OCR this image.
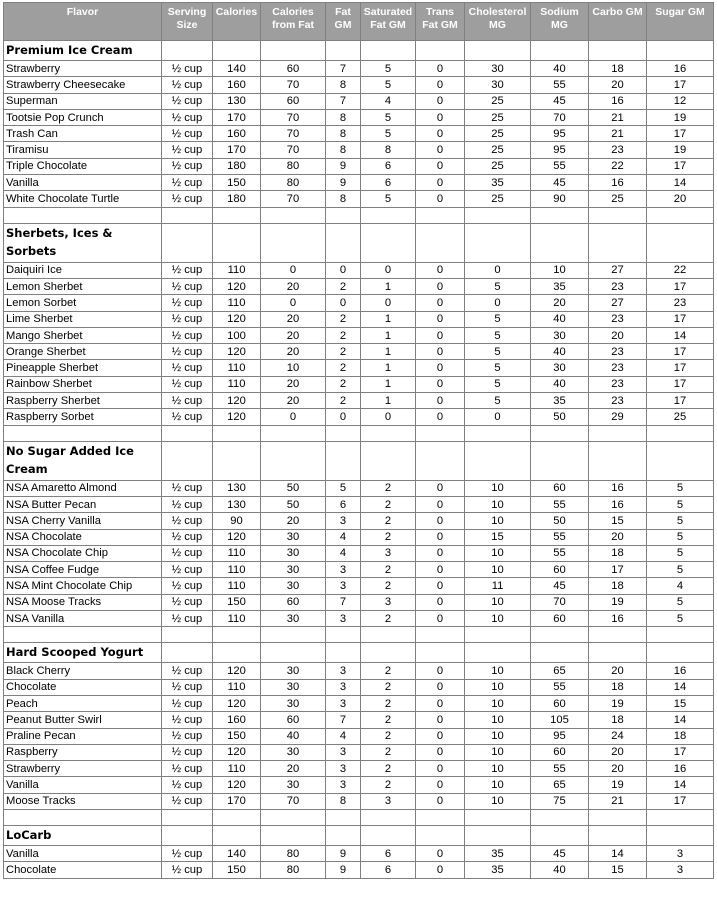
Flavor	Serving Size	Calories	Calories from Fat	Fat GM	Saturated Fat GM	Trans Fat GM	Cholesterol MG	Sodium MG	Carbo GM	Sugar GM
Premium Ice Cream										
Strawberry	½ cup	140	60	7	5	0	30	40	18	16
Strawberry Cheesecake	½ cup	160	70	8	5	0	30	55	20	17
Superman	½ cup	130	60	7	4	0	25	45	16	12
Tootsie Pop Crunch	½ cup	170	70	8	5	0	25	70	21	19
Trash Can	½ cup	160	70	8	5	0	25	95	21	17
Tiramisu	½ cup	170	70	8	8	0	25	95	23	19
Triple Chocolate	½ cup	180	80	9	6	0	25	55	22	17
Vanilla	½ cup	150	80	9	6	0	35	45	16	14
White Chocolate Turtle	½ cup	180	70	8	5	0	25	90	25	20

Sherbets, Ices & Sorbets										
Daiquiri Ice	½ cup	110	0	0	0	0	0	10	27	22
Lemon Sherbet	½ cup	120	20	2	1	0	5	35	23	17
Lemon Sorbet	½ cup	110	0	0	0	0	0	20	27	23
Lime Sherbet	½ cup	120	20	2	1	0	5	40	23	17
Mango Sherbet	½ cup	100	20	2	1	0	5	30	20	14
Orange Sherbet	½ cup	120	20	2	1	0	5	40	23	17
Pineapple Sherbet	½ cup	110	10	2	1	0	5	30	23	17
Rainbow Sherbet	½ cup	110	20	2	1	0	5	40	23	17
Raspberry Sherbet	½ cup	120	20	2	1	0	5	35	23	17
Raspberry Sorbet	½ cup	120	0	0	0	0	0	50	29	25

No Sugar Added Ice Cream										
NSA Amaretto Almond	½ cup	130	50	5	2	0	10	60	16	5
NSA Butter Pecan	½ cup	130	50	6	2	0	10	55	16	5
NSA Cherry Vanilla	½ cup	90	20	3	2	0	10	50	15	5
NSA Chocolate	½ cup	120	30	4	2	0	15	55	20	5
NSA Chocolate Chip	½ cup	110	30	4	3	0	10	55	18	5
NSA Coffee Fudge	½ cup	110	30	3	2	0	10	60	17	5
NSA Mint Chocolate Chip	½ cup	110	30	3	2	0	11	45	18	4
NSA Moose Tracks	½ cup	150	60	7	3	0	10	70	19	5
NSA Vanilla	½ cup	110	30	3	2	0	10	60	16	5

Hard Scooped Yogurt										
Black Cherry	½ cup	120	30	3	2	0	10	65	20	16
Chocolate	½ cup	110	30	3	2	0	10	55	18	14
Peach	½ cup	120	30	3	2	0	10	60	19	15
Peanut Butter Swirl	½ cup	160	60	7	2	0	10	105	18	14
Praline Pecan	½ cup	150	40	4	2	0	10	95	24	18
Raspberry	½ cup	120	30	3	2	0	10	60	20	17
Strawberry	½ cup	110	20	3	2	0	10	55	20	16
Vanilla	½ cup	120	30	3	2	0	10	65	19	14
Moose Tracks	½ cup	170	70	8	3	0	10	75	21	17

LoCarb										
Vanilla	½ cup	140	80	9	6	0	35	45	14	3
Chocolate	½ cup	150	80	9	6	0	35	40	15	3
